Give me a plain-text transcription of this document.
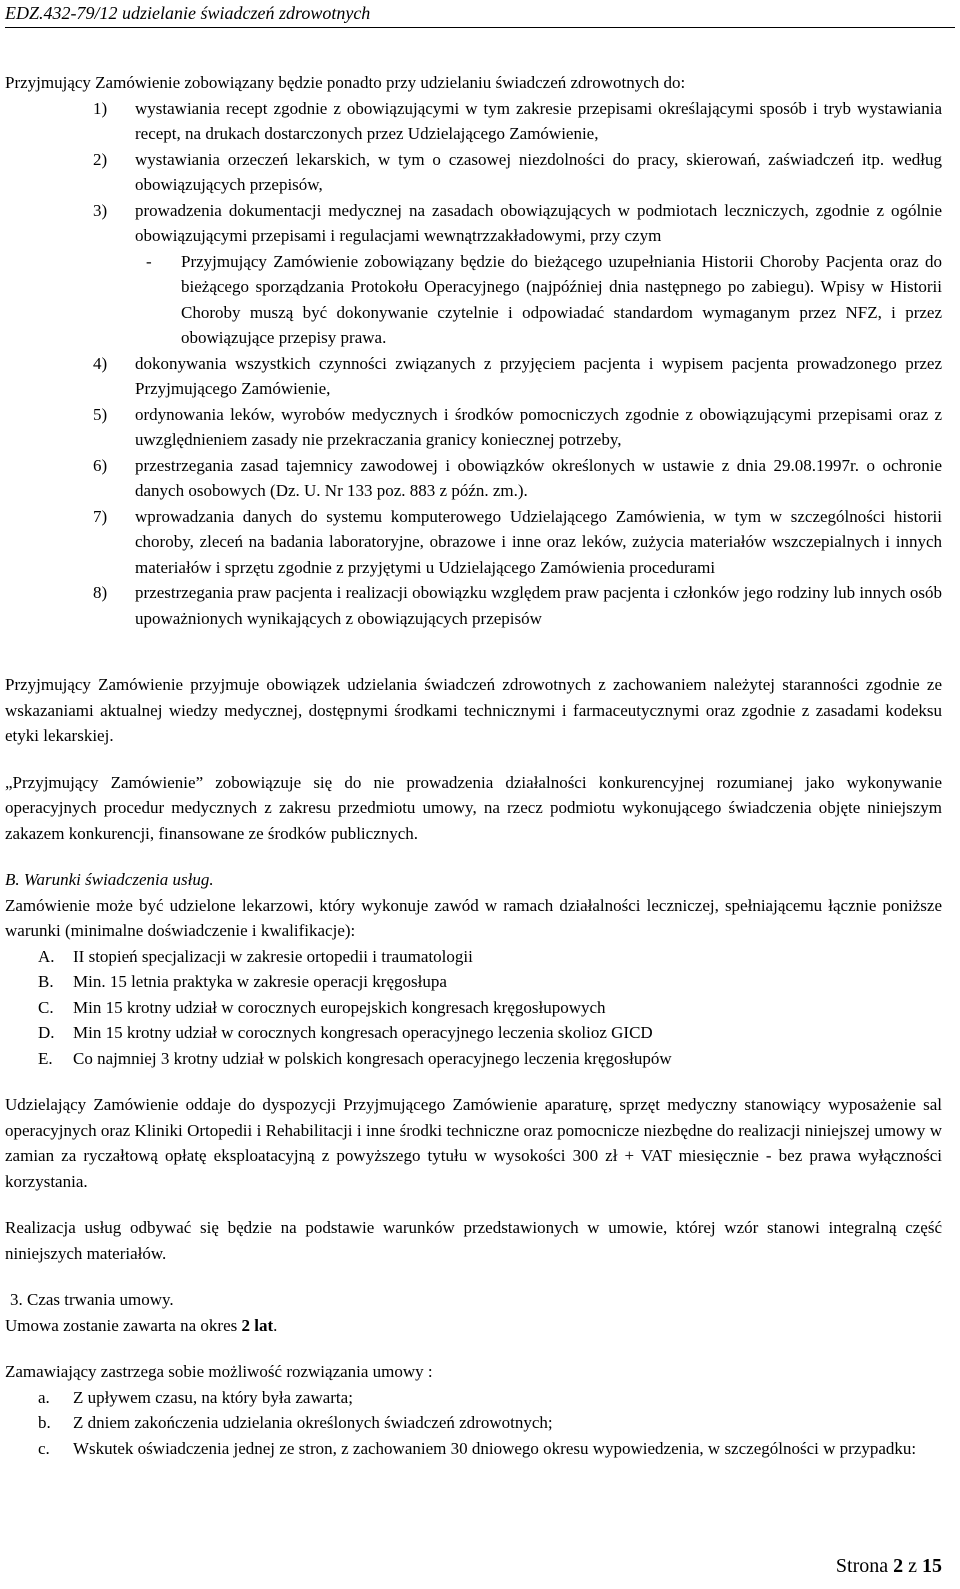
EDZ.432-79/12 udzielanie świadczeń zdrowotnych

Przyjmujący Zamówienie zobowiązany będzie ponadto przy udzielaniu świadczeń zdrowotnych do:

1) wystawiania recept zgodnie z obowiązującymi w tym zakresie przepisami określającymi sposób i tryb wystawiania recept, na drukach dostarczonych przez Udzielającego Zamówienie,
2) wystawiania orzeczeń lekarskich, w tym o czasowej niezdolności do pracy, skierowań, zaświadczeń itp. według obowiązujących przepisów,
3) prowadzenia dokumentacji medycznej na zasadach obowiązujących w podmiotach leczniczych, zgodnie z ogólnie obowiązującymi przepisami i regulacjami wewnątrzzakładowymi, przy czym
- Przyjmujący Zamówienie zobowiązany będzie do bieżącego uzupełniania Historii Choroby Pacjenta oraz do bieżącego sporządzania Protokołu Operacyjnego (najpóźniej dnia następnego po zabiegu). Wpisy w Historii Choroby muszą być dokonywanie czytelnie i odpowiadać standardom wymaganym przez NFZ, i przez obowiązujące przepisy prawa.
4) dokonywania wszystkich czynności związanych z przyjęciem pacjenta i wypisem pacjenta prowadzonego przez Przyjmującego Zamówienie,
5) ordynowania leków, wyrobów medycznych i środków pomocniczych zgodnie z obowiązującymi przepisami oraz z uwzględnieniem zasady nie przekraczania granicy koniecznej potrzeby,
6) przestrzegania zasad tajemnicy zawodowej i obowiązków określonych w ustawie z dnia 29.08.1997r. o ochronie danych osobowych (Dz. U. Nr 133 poz. 883 z późn. zm.).
7) wprowadzania danych do systemu komputerowego Udzielającego Zamówienia, w tym w szczególności historii choroby, zleceń na badania laboratoryjne, obrazowe i inne oraz leków, zużycia materiałów wszczepialnych i innych materiałów i sprzętu zgodnie z przyjętymi u Udzielającego Zamówienia procedurami
8) przestrzegania praw pacjenta i realizacji obowiązku względem praw pacjenta i członków jego rodziny lub innych osób upoważnionych wynikających z obowiązujących przepisów

Przyjmujący Zamówienie przyjmuje obowiązek udzielania świadczeń zdrowotnych z zachowaniem należytej staranności zgodnie ze wskazaniami aktualnej wiedzy medycznej, dostępnymi środkami technicznymi i farmaceutycznymi oraz zgodnie z zasadami kodeksu etyki lekarskiej.

„Przyjmujący Zamówienie” zobowiązuje się do nie prowadzenia działalności konkurencyjnej rozumianej jako wykonywanie operacyjnych procedur medycznych z zakresu przedmiotu umowy, na rzecz podmiotu wykonującego świadczenia objęte niniejszym zakazem konkurencji, finansowane ze środków publicznych.

B. Warunki świadczenia usług.

Zamówienie może być udzielone lekarzowi, który wykonuje zawód w ramach działalności leczniczej, spełniającemu łącznie poniższe warunki (minimalne doświadczenie i kwalifikacje):

A. II stopień specjalizacji w zakresie ortopedii i traumatologii
B. Min. 15 letnia praktyka w zakresie operacji kręgosłupa
C. Min 15 krotny udział w corocznych europejskich kongresach kręgosłupowych
D. Min 15 krotny udział w corocznych kongresach operacyjnego leczenia skolioz GICD
E. Co najmniej 3 krotny udział w polskich kongresach operacyjnego leczenia kręgosłupów

Udzielający Zamówienie oddaje do dyspozycji Przyjmującego Zamówienie aparaturę, sprzęt medyczny stanowiący wyposażenie sal operacyjnych oraz Kliniki Ortopedii i Rehabilitacji i inne środki techniczne oraz pomocnicze niezbędne do realizacji niniejszej umowy w zamian za ryczałtową opłatę eksploatacyjną z powyższego tytułu w wysokości 300 zł + VAT miesięcznie - bez prawa wyłączności korzystania.

Realizacja usług odbywać się będzie na podstawie warunków przedstawionych w umowie, której wzór stanowi integralną część niniejszych materiałów.

3. Czas trwania umowy.

Umowa zostanie zawarta na okres 2 lat.

Zamawiający zastrzega sobie możliwość rozwiązania umowy :

a. Z upływem czasu, na który była zawarta;
b. Z dniem zakończenia udzielania określonych świadczeń zdrowotnych;
c. Wskutek oświadczenia jednej ze stron, z zachowaniem 30 dniowego okresu wypowiedzenia, w szczególności w przypadku:
Strona 2 z 15
